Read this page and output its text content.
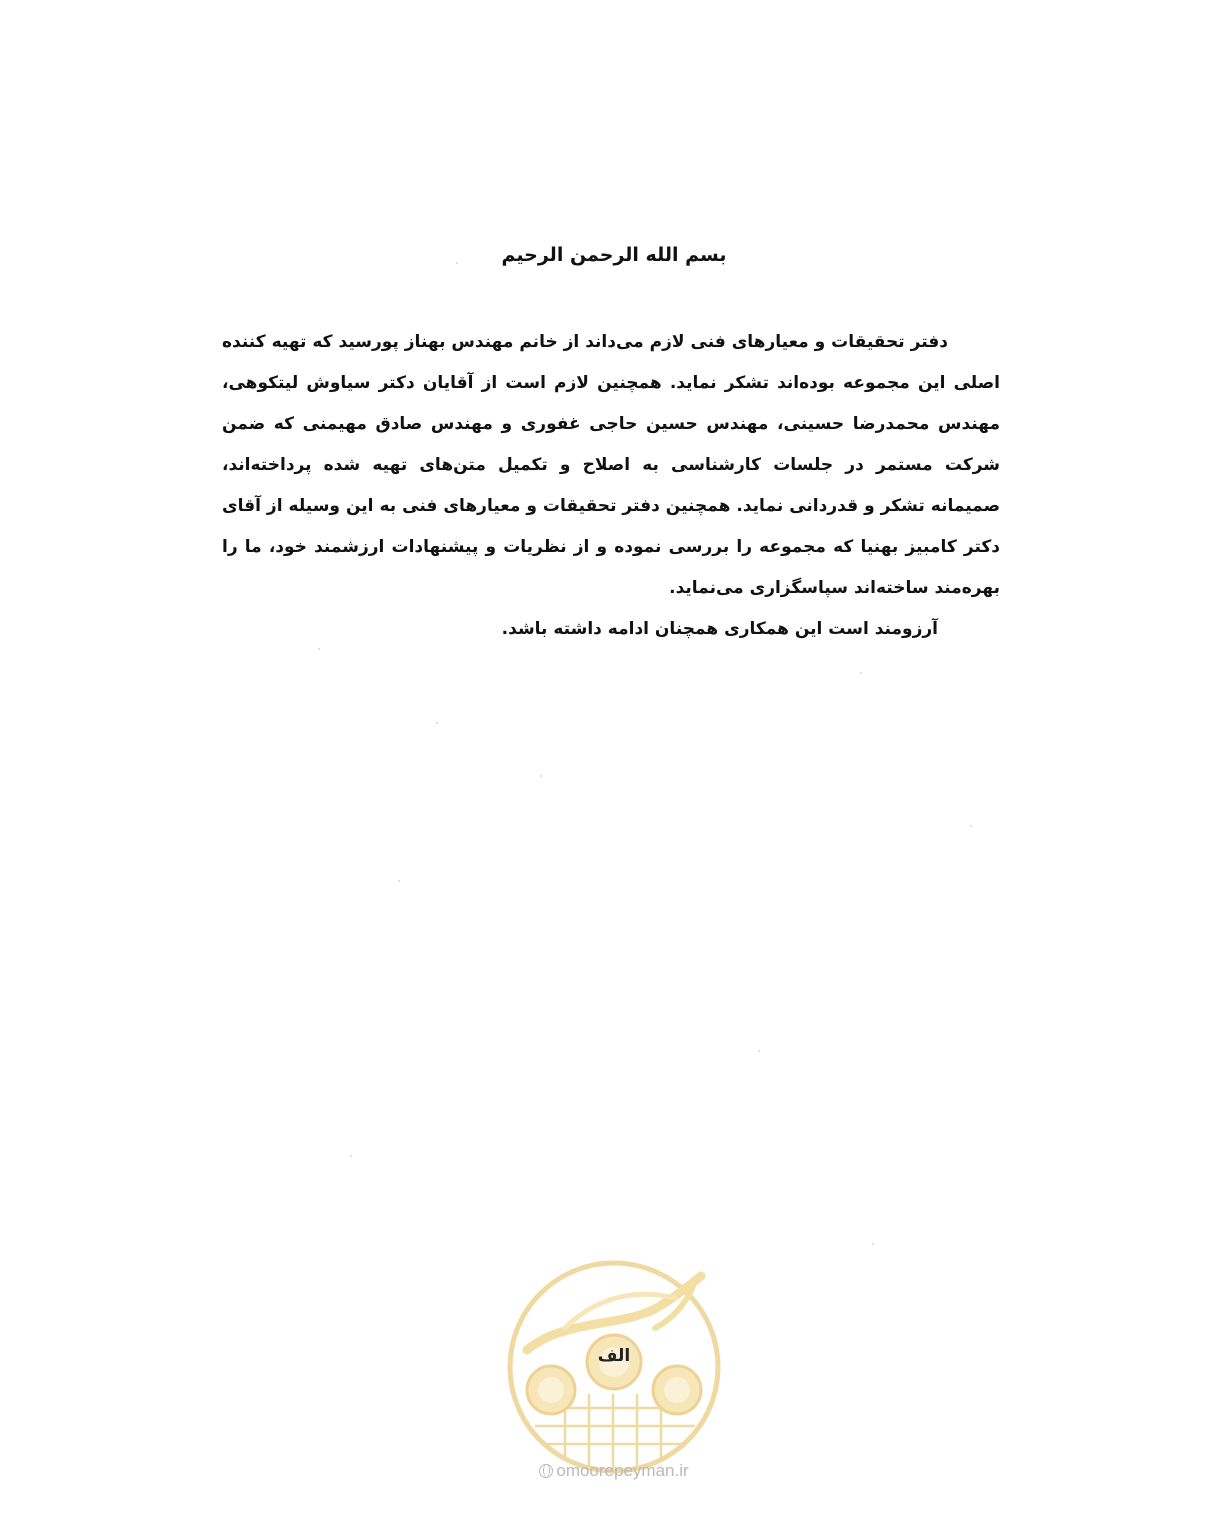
بسم الله الرحمن الرحیم

دفتر تحقیقات و معیارهای فنی لازم می‌داند از خانم مهندس بهناز پورسید که تهیه کننده اصلی این مجموعه بوده‌اند تشکر نماید. همچنین لازم است از آقایان دکتر سیاوش لیتکوهی، مهندس محمدرضا حسینی، مهندس حسین حاجی غفوری و مهندس صادق مهیمنی که ضمن شرکت مستمر در جلسات کارشناسی به اصلاح و تکمیل متن‌های تهیه شده پرداخته‌اند، صمیمانه تشکر و قدردانی نماید. همچنین دفتر تحقیقات و معیارهای فنی به این وسیله از آقای دکتر کامبیز بهنیا که مجموعه را بررسی نموده و از نظریات و پیشنهادات ارزشمند خود، ما را بهره‌مند ساخته‌اند سپاسگزاری می‌نماید.

آرزومند است این همکاری همچنان ادامه داشته باشد.

الف
omoorepeyman.ir
